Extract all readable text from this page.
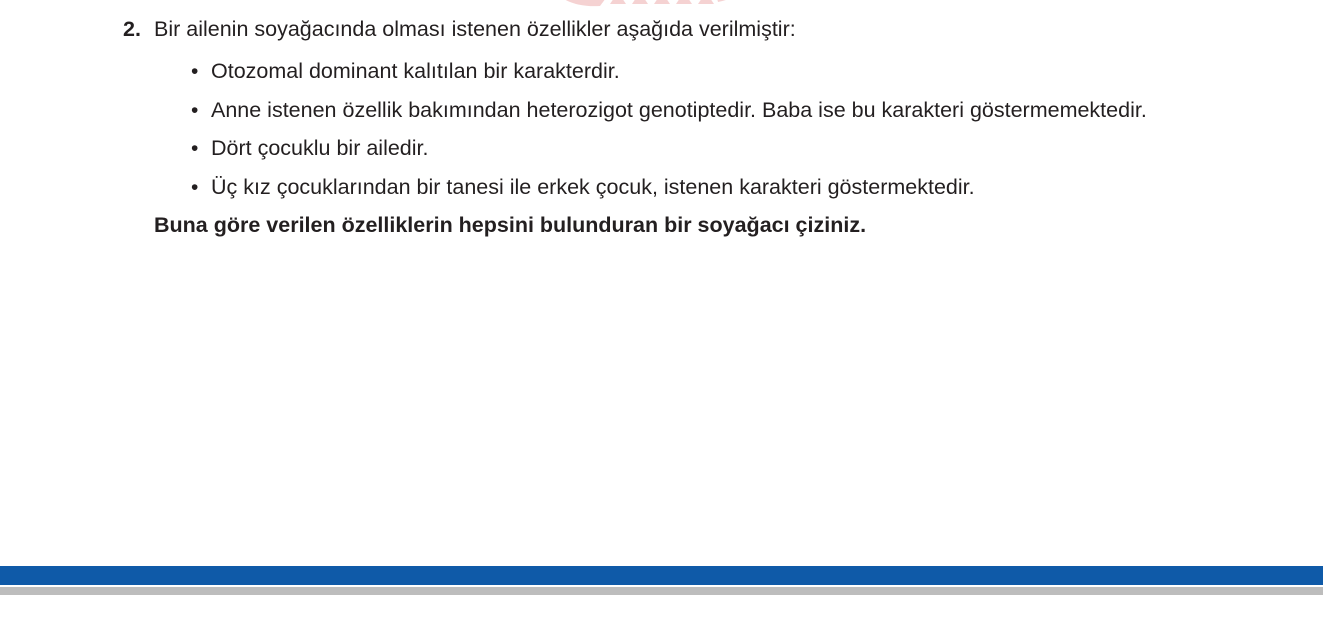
2. Bir ailenin soyağacında olması istenen özellikler aşağıda verilmiştir:
• Otozomal dominant kalıtılan bir karakterdir.
• Anne istenen özellik bakımından heterozigot genotiptedir. Baba ise bu karakteri göstermemektedir.
• Dört çocuklu bir ailedir.
• Üç kız çocuklarından bir tanesi ile erkek çocuk, istenen karakteri göstermektedir.

Buna göre verilen özelliklerin hepsini bulunduran bir soyağacı çiziniz.
